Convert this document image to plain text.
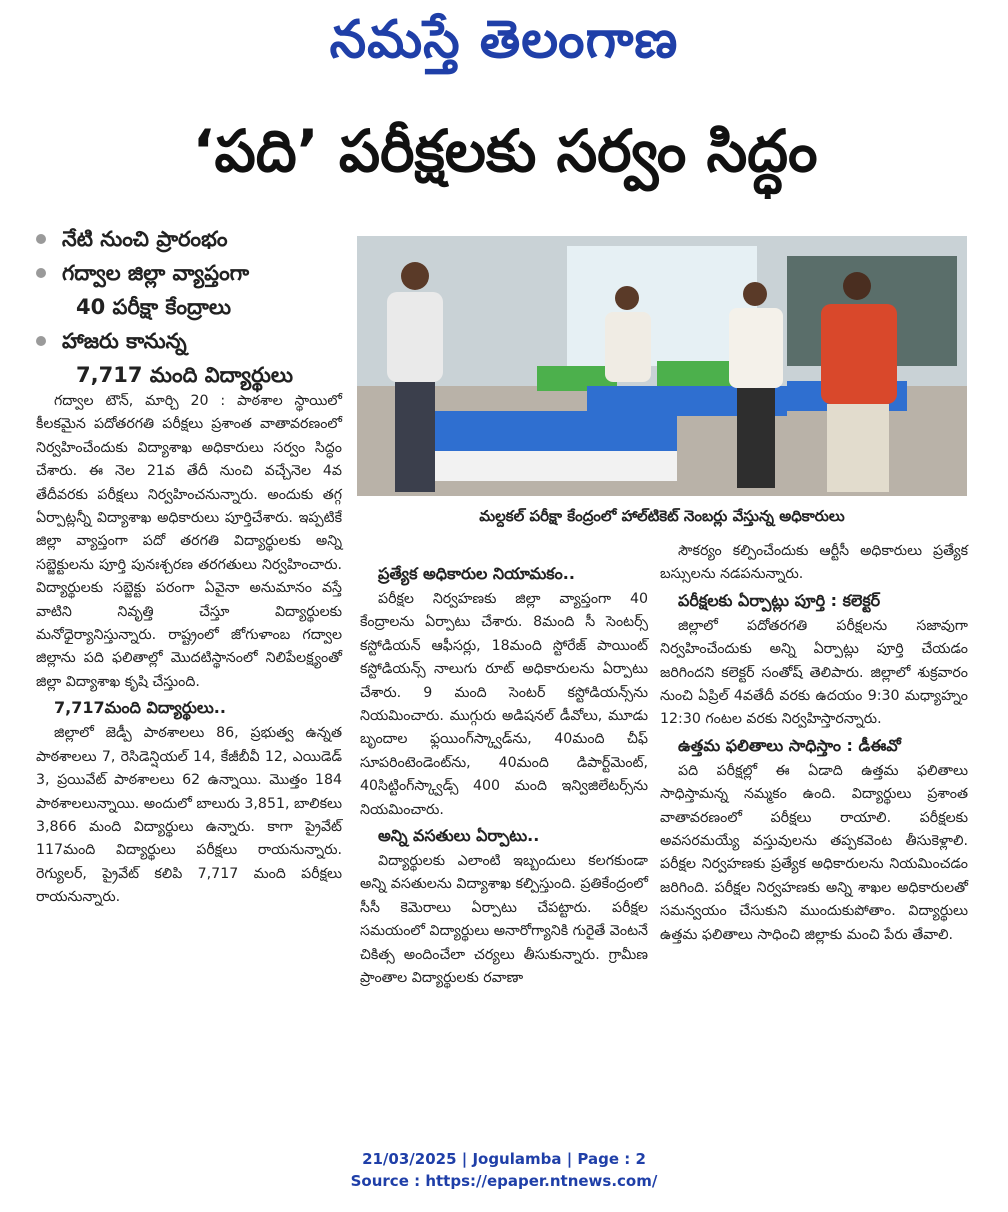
నమస్తే తెలంగాణ
‘పది’ పరీక్షలకు సర్వం సిద్ధం
నేటి నుంచి ప్రారంభం
గద్వాల జిల్లా వ్యాప్తంగా
40 పరీక్షా కేంద్రాలు
హాజరు కానున్న
7,717 మంది విద్యార్థులు
మల్దకల్ పరీక్షా కేంద్రంలో హాల్‌టికెట్ నెంబర్లు వేస్తున్న అధికారులు

గద్వాల టౌన్, మార్చి 20 : పాఠశాల స్థాయిలో కీలకమైన పదోతరగతి పరీక్షలు ప్రశాంత వాతావరణంలో నిర్వహించేందుకు విద్యాశాఖ అధికారులు సర్వం సిద్ధం చేశారు. ఈ నెల 21వ తేదీ నుంచి వచ్చేనెల 4వ తేదీవరకు పరీక్షలు నిర్వహించనున్నారు. అందుకు తగ్గ ఏర్పాట్లన్నీ విద్యాశాఖ అధికారులు పూర్తిచేశారు. ఇప్పటికే జిల్లా వ్యాప్తంగా పదో తరగతి విద్యార్థులకు అన్ని సబ్జెక్టులను పూర్తి పునఃశ్చరణ తరగతులు నిర్వహించారు. విద్యార్థులకు సబ్జెక్టు పరంగా ఏవైనా అనుమానం వస్తే వాటిని నివృత్తి చేస్తూ విద్యార్థులకు మనోధైర్యానిస్తున్నారు. రాష్ట్రంలో జోగుళాంబ గద్వాల జిల్లాను పది ఫలితాల్లో మొదటిస్థానంలో నిలిపేలక్ష్యంతో జిల్లా విద్యాశాఖ కృషి చేస్తుంది.

7,717మంది విద్యార్థులు..

జిల్లాలో జెడ్పీ పాఠశాలలు 86, ప్రభుత్వ ఉన్నత పాఠశాలలు 7, రెసిడెన్షియల్ 14, కేజీబీవీ 12, ఎయిడెడ్ 3, ప్రయివేట్ పాఠశాలలు 62 ఉన్నాయి. మొత్తం 184 పాఠశాలలున్నాయి. అందులో బాలురు 3,851, బాలికలు 3,866 మంది విద్యార్థులు ఉన్నారు. కాగా ప్రైవేట్ 117మంది విద్యార్థులు పరీక్షలు రాయనున్నారు. రెగ్యులర్, ప్రైవేట్ కలిపి 7,717 మంది పరీక్షలు రాయనున్నారు.

ప్రత్యేక అధికారుల నియామకం..

పరీక్షల నిర్వహణకు జిల్లా వ్యాప్తంగా 40 కేంద్రాలను ఏర్పాటు చేశారు. 8మంది సీ సెంటర్స్ కస్టోడియన్ ఆఫీసర్లు, 18మంది స్టోరేజ్ పాయింట్ కస్టోడియన్స్ నాలుగు రూట్ అధికారులను ఏర్పాటు చేశారు. 9 మంది సెంటర్ కస్టోడియన్స్‌ను నియమించారు. ముగ్గురు అడిషనల్ డీవోలు, మూడు బృందాల ఫ్లయింగ్‌స్క్వాడ్‌ను, 40మంది చీఫ్ సూపరింటెండెంట్‌ను, 40మంది డిపార్ట్‌మెంట్, 40సిట్టింగ్‌స్క్వాడ్స్ 400 మంది ఇన్విజిలేటర్స్‌ను నియమించారు.

అన్ని వసతులు ఏర్పాటు..

విద్యార్థులకు ఎలాంటి ఇబ్బందులు కలగకుండా అన్ని వసతులను విద్యాశాఖ కల్పిస్తుంది. ప్రతికేంద్రంలో సీసీ కెమెరాలు ఏర్పాటు చేపట్టారు. పరీక్షల సమయంలో విద్యార్థులు అనారోగ్యానికి గురైతే వెంటనే చికిత్స అందించేలా చర్యలు తీసుకున్నారు. గ్రామీణ ప్రాంతాల విద్యార్థులకు రవాణా

సౌకర్యం కల్పించేందుకు ఆర్టీసీ అధికారులు ప్రత్యేక బస్సులను నడపనున్నారు.

పరీక్షలకు ఏర్పాట్లు పూర్తి : కలెక్టర్

జిల్లాలో పదోతరగతి పరీక్షలను సజావుగా నిర్వహించేందుకు అన్ని ఏర్పాట్లు పూర్తి చేయడం జరిగిందని కలెక్టర్ సంతోష్ తెలిపారు. జిల్లాలో శుక్రవారం నుంచి ఏప్రిల్ 4వతేదీ వరకు ఉదయం 9:30 మధ్యాహ్నం 12:30 గంటల వరకు నిర్వహిస్తారన్నారు.

ఉత్తమ ఫలితాలు సాధిస్తాం : డీఈవో

పది పరీక్షల్లో ఈ ఏడాది ఉత్తమ ఫలితాలు సాధిస్తామన్న నమ్మకం ఉంది. విద్యార్థులు ప్రశాంత వాతావరణంలో పరీక్షలు రాయాలి. పరీక్షలకు అవసరమయ్యే వస్తువులను తప్పకవెంట తీసుకెళ్లాలి. పరీక్షల నిర్వహణకు ప్రత్యేక అధికారులను నియమించడం జరిగింది. పరీక్షల నిర్వహణకు అన్ని శాఖల అధికారులతో సమన్వయం చేసుకుని ముందుకుపోతాం. విద్యార్థులు ఉత్తమ ఫలితాలు సాధించి జిల్లాకు మంచి పేరు తేవాలి.

21/03/2025 | Jogulamba | Page : 2
Source : https://epaper.ntnews.com/
